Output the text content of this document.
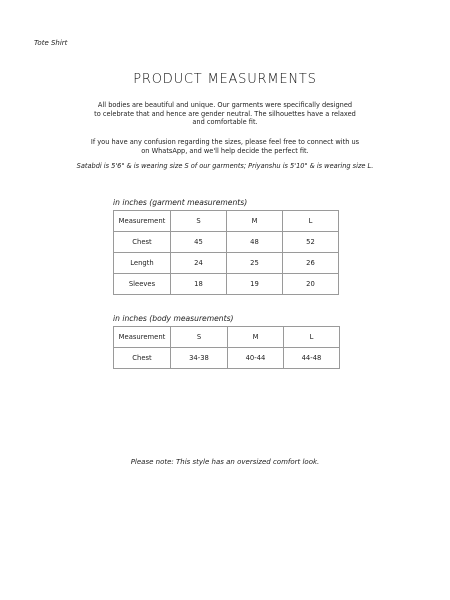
Tote Shirt
PRODUCT MEASURMENTS
All bodies are beautiful and unique. Our garments were specifically designed
to celebrate that and hence are gender neutral. The silhouettes have a relaxed
and comfortable fit.
If you have any confusion regarding the sizes, please feel free to connect with us
on WhatsApp, and we'll help decide the perfect fit.
Satabdi is 5'6" & is wearing size S of our garments; Priyanshu is 5'10" & is wearing size L.
in inches (garment measurements)
Measurement	S	M	L
Chest	45	48	52
Length	24	25	26
Sleeves	18	19	20
in inches (body measurements)
Measurement	S	M	L
Chest	34-38	40-44	44-48
Please note: This style has an oversized comfort look.
